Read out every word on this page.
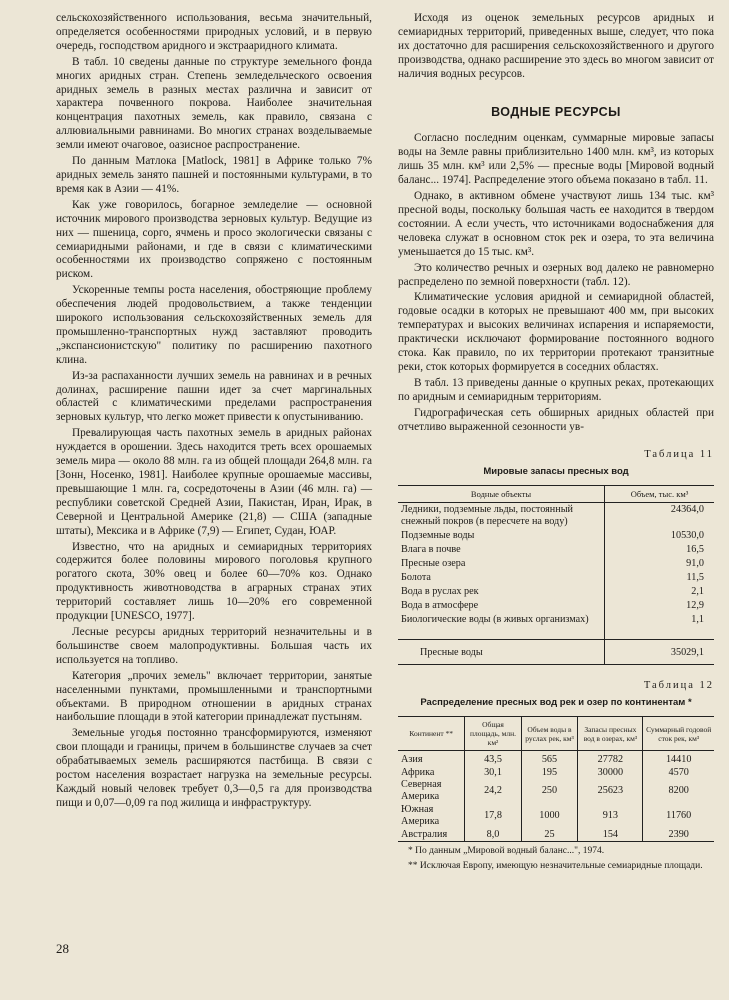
сельскохозяйственного использования, весьма значительный, определяется особенностями природных условий, и в первую очередь, господством аридного и экстрааридного климата.

В табл. 10 сведены данные по структуре земельного фонда многих аридных стран. Степень земледельческого освоения аридных земель в разных местах различна и зависит от характера почвенного покрова. Наиболее значительная концентрация пахотных земель, как правило, связана с аллювиальными равнинами. Во многих странах возделываемые земли имеют очаговое, оазисное распространение.

По данным Матлока [Matlock, 1981] в Африке только 7% аридных земель занято пашней и постоянными культурами, в то время как в Азии — 41%.

Как уже говорилось, богарное земледелие — основной источник мирового производства зерновых культур. Ведущие из них — пшеница, сорго, ячмень и просо экологически связаны с семиаридными районами, и где в связи с климатическими особенностями их производство сопряжено с постоянным риском.

Ускоренные темпы роста населения, обостряющие проблему обеспечения людей продовольствием, а также тенденции широкого использования сельскохозяйственных земель для промышленно-транспортных нужд заставляют проводить „экспансионистскую" политику по расширению пахотного клина.

Из-за распаханности лучших земель на равнинах и в речных долинах, расширение пашни идет за счет маргинальных областей с климатическими пределами распространения зерновых культур, что легко может привести к опустыниванию.

Превалирующая часть пахотных земель в аридных районах нуждается в орошении. Здесь находится треть всех орошаемых земель мира — около 88 млн. га из общей площади 264,8 млн. га [Зонн, Носенко, 1981]. Наиболее крупные орошаемые массивы, превышающие 1 млн. га, сосредоточены в Азии (46 млн. га) — республики советской Средней Азии, Пакистан, Иран, Ирак, в Северной и Центральной Америке (21,8) — США (западные штаты), Мексика и в Африке (7,9) — Египет, Судан, ЮАР.

Известно, что на аридных и семиаридных территориях содержится более половины мирового поголовья крупного рогатого скота, 30% овец и более 60—70% коз. Однако продуктивность животноводства в аграрных странах этих территорий составляет лишь 10—20% его современной продукции [UNESCO, 1977].

Лесные ресурсы аридных территорий незначительны и в большинстве своем малопродуктивны. Большая часть их используется на топливо.

Категория „прочих земель" включает территории, занятые населенными пунктами, промышленными и транспортными объектами. В природном отношении в аридных странах наибольшие площади в этой категории принадлежат пустыням.

Земельные угодья постоянно трансформируются, изменяют свои площади и границы, причем в большинстве случаев за счет обрабатываемых земель расширяются пастбища. В связи с ростом населения возрастает нагрузка на земельные ресурсы. Каждый новый человек требует 0,3—0,5 га для производства пищи и 0,07—0,09 га под жилища и инфраструктуру.

Исходя из оценок земельных ресурсов аридных и семиаридных территорий, приведенных выше, следует, что пока их достаточно для расширения сельскохозяйственного и другого производства, однако расширение это здесь во многом зависит от наличия водных ресурсов.

ВОДНЫЕ РЕСУРСЫ

Согласно последним оценкам, суммарные мировые запасы воды на Земле равны приблизительно 1400 млн. км³, из которых лишь 35 млн. км³ или 2,5% — пресные воды [Мировой водный баланс... 1974]. Распределение этого объема показано в табл. 11.

Однако, в активном обмене участвуют лишь 134 тыс. км³ пресной воды, поскольку большая часть ее находится в твердом состоянии. А если учесть, что источниками водоснабжения для человека служат в основном сток рек и озера, то эта величина уменьшается до 15 тыс. км³.

Это количество речных и озерных вод далеко не равномерно распределено по земной поверхности (табл. 12).

Климатические условия аридной и семиаридной областей, годовые осадки в которых не превышают 400 мм, при высоких температурах и высоких величинах испарения и испаряемости, практически исключают формирование постоянного водного стока. Как правило, по их территории протекают транзитные реки, сток которых формируется в соседних областях.

В табл. 13 приведены данные о крупных реках, протекающих по аридным и семиаридным территориям.

Гидрографическая сеть обширных аридных областей при отчетливо выраженной сезонности ув-

Таблица 11
Мировые запасы пресных вод
Водные объекты	Объем, тыс. км³
Ледники, подземные льды, постоянный снежный покров (в пересчете на воду)	24364,0
Подземные воды	10530,0
Влага в почве	16,5
Пресные озера	91,0
Болота	11,5
Вода в руслах рек	2,1
Вода в атмосфере	12,9
Биологические воды (в живых организмах)	1,1

Пресные воды	35029,1
Таблица 12
Распределение пресных вод рек и озер по континентам *
Континент **	Общая площадь, млн. км²	Объем воды в руслах рек, км³	Запасы пресных вод в озерах, км³	Суммарный годовой сток рек, км³
Азия	43,5	565	27782	14410
Африка	30,1	195	30000	4570
Северная Америка	24,2	250	25623	8200
Южная Америка	17,8	1000	913	11760
Австралия	8,0	25	154	2390
* По данным „Мировой водный баланс...", 1974.
** Исключая Европу, имеющую незначительные семиаридные площади.
28
